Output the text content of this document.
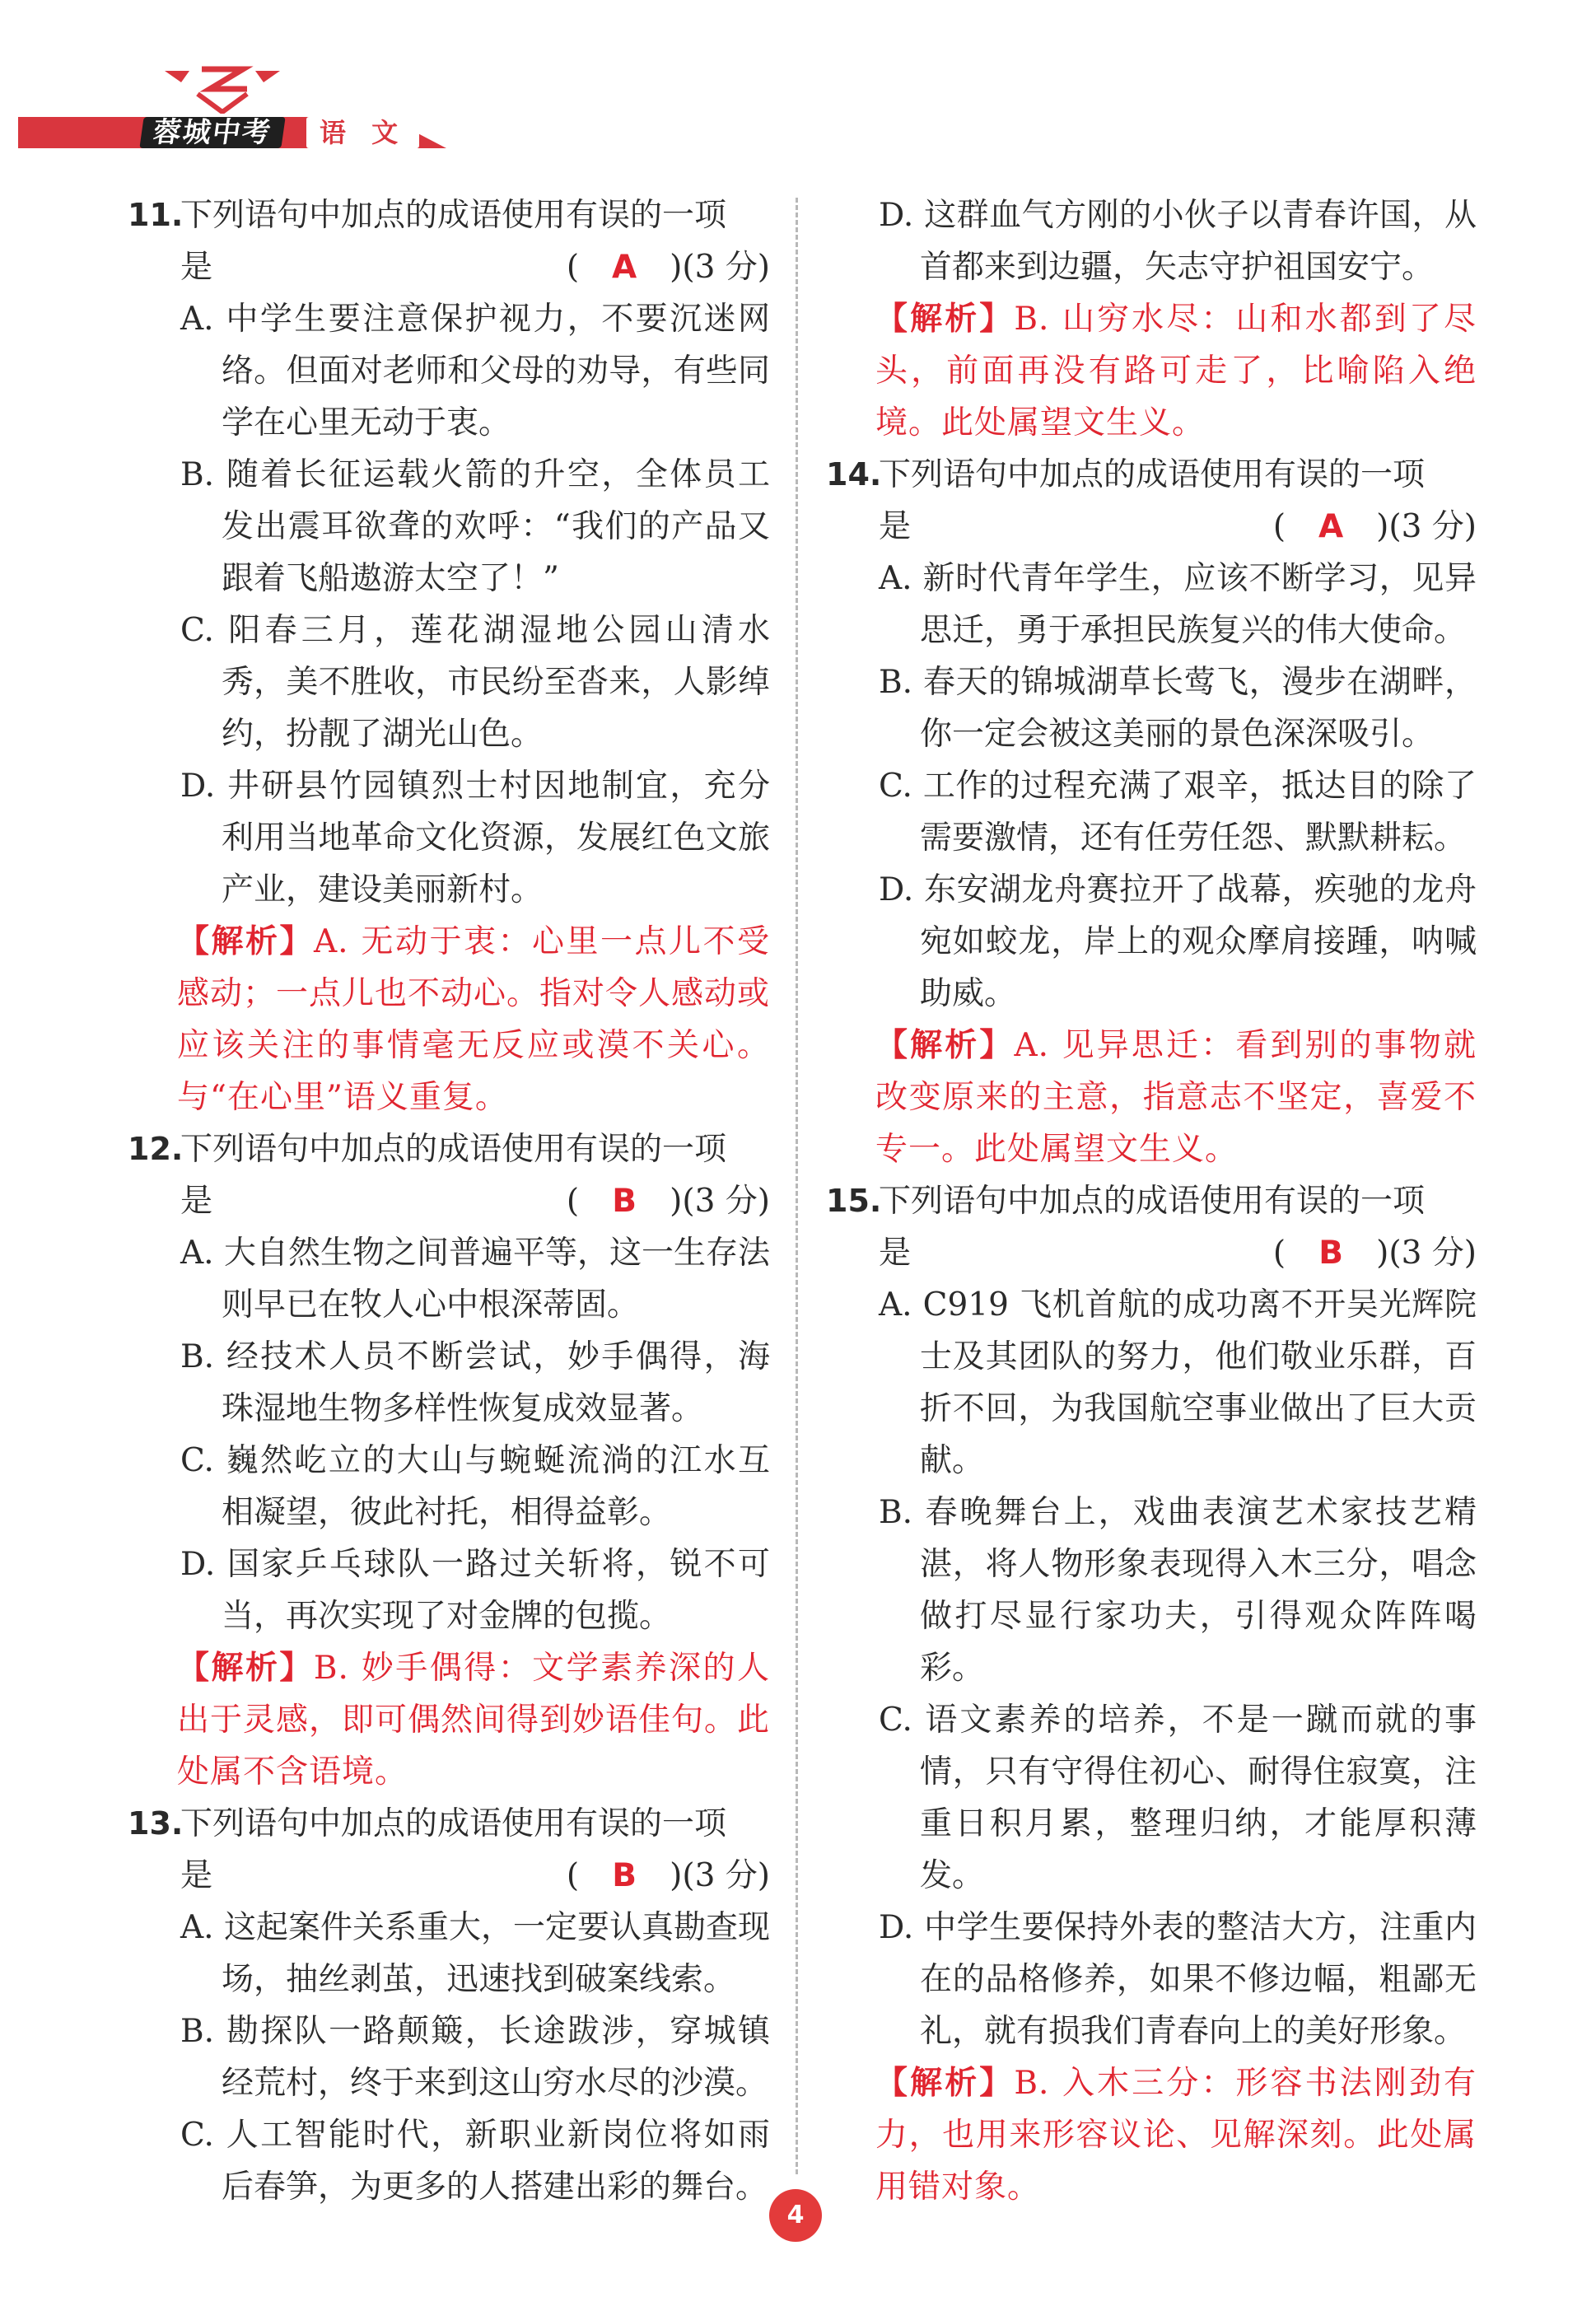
蓉城中考	语 文
11.
下列语句中加点的成语使用有误的一项
是	( A )(3 分)
A. 中学生要注意保护视力，不要沉迷网络。但面对老师和父母的劝导，有些同学在心里无动于衷。
B. 随着长征运载火箭的升空，全体员工发出震耳欲聋的欢呼：“我们的产品又跟着飞船遨游太空了！”
C. 阳春三月，莲花湖湿地公园山清水秀，美不胜收，市民纷至沓来，人影绰约，扮靓了湖光山色。
D. 井研县竹园镇烈士村因地制宜，充分利用当地革命文化资源，发展红色文旅产业，建设美丽新村。
【解析】A. 无动于衷：心里一点儿不受感动；一点儿也不动心。指对令人感动或应该关注的事情毫无反应或漠不关心。与“在心里”语义重复。
12.
下列语句中加点的成语使用有误的一项
是	( B )(3 分)
A. 大自然生物之间普遍平等，这一生存法则早已在牧人心中根深蒂固。
B. 经技术人员不断尝试，妙手偶得，海珠湿地生物多样性恢复成效显著。
C. 巍然屹立的大山与蜿蜒流淌的江水互相凝望，彼此衬托，相得益彰。
D. 国家乒乓球队一路过关斩将，锐不可当，再次实现了对金牌的包揽。
【解析】B. 妙手偶得：文学素养深的人出于灵感，即可偶然间得到妙语佳句。此处属不含语境。
13.
下列语句中加点的成语使用有误的一项
是	( B )(3 分)
A. 这起案件关系重大，一定要认真勘查现场，抽丝剥茧，迅速找到破案线索。
B. 勘探队一路颠簸，长途跋涉，穿城镇经荒村，终于来到这山穷水尽的沙漠。
C. 人工智能时代，新职业新岗位将如雨后春笋，为更多的人搭建出彩的舞台。
D. 这群血气方刚的小伙子以青春许国，从首都来到边疆，矢志守护祖国安宁。
【解析】B. 山穷水尽：山和水都到了尽头，前面再没有路可走了，比喻陷入绝境。此处属望文生义。
14.
下列语句中加点的成语使用有误的一项
是	( A )(3 分)
A. 新时代青年学生，应该不断学习，见异思迁，勇于承担民族复兴的伟大使命。
B. 春天的锦城湖草长莺飞，漫步在湖畔，你一定会被这美丽的景色深深吸引。
C. 工作的过程充满了艰辛，抵达目的除了需要激情，还有任劳任怨、默默耕耘。
D. 东安湖龙舟赛拉开了战幕，疾驰的龙舟宛如蛟龙，岸上的观众摩肩接踵，呐喊助威。
【解析】A. 见异思迁：看到别的事物就改变原来的主意，指意志不坚定，喜爱不专一。此处属望文生义。
15.
下列语句中加点的成语使用有误的一项
是	( B )(3 分)
A. C919 飞机首航的成功离不开吴光辉院士及其团队的努力，他们敬业乐群，百折不回，为我国航空事业做出了巨大贡献。
B. 春晚舞台上，戏曲表演艺术家技艺精湛，将人物形象表现得入木三分，唱念做打尽显行家功夫，引得观众阵阵喝彩。
C. 语文素养的培养，不是一蹴而就的事情，只有守得住初心、耐得住寂寞，注重日积月累，整理归纳，才能厚积薄发。
D. 中学生要保持外表的整洁大方，注重内在的品格修养，如果不修边幅，粗鄙无礼，就有损我们青春向上的美好形象。
【解析】B. 入木三分：形容书法刚劲有力，也用来形容议论、见解深刻。此处属用错对象。
4
